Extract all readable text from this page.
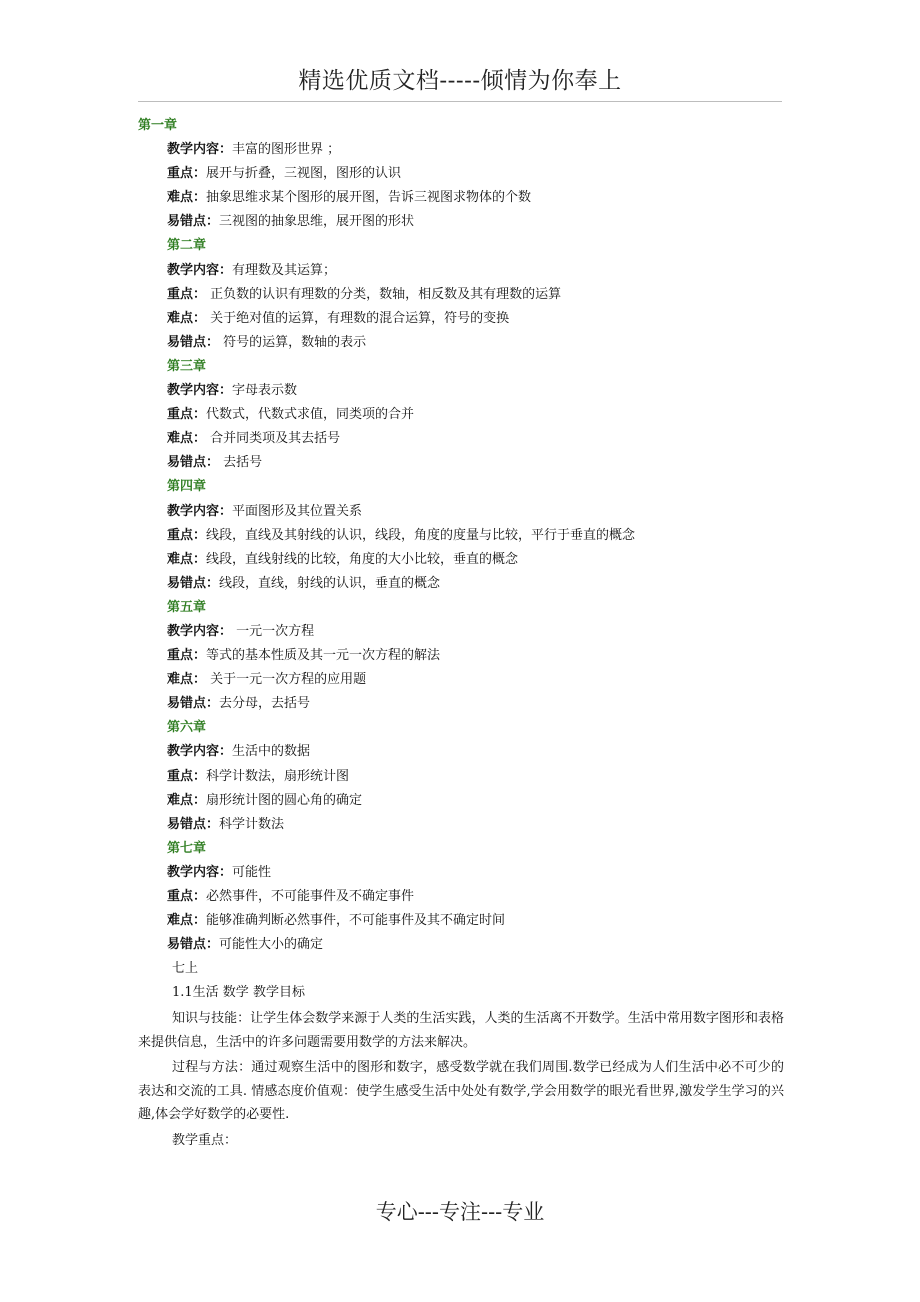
精选优质文档-----倾情为你奉上
第一章
教学内容：丰富的图形世界 ；
重点：展开与折叠，三视图，图形的认识
难点：抽象思维求某个图形的展开图，告诉三视图求物体的个数
易错点：三视图的抽象思维，展开图的形状
第二章
教学内容：有理数及其运算；
重点： 正负数的认识有理数的分类，数轴，相反数及其有理数的运算
难点： 关于绝对值的运算，有理数的混合运算，符号的变换
易错点： 符号的运算，数轴的表示
第三章
教学内容：字母表示数
重点：代数式，代数式求值，同类项的合并
难点： 合并同类项及其去括号
易错点： 去括号
第四章
教学内容：平面图形及其位置关系
重点：线段，直线及其射线的认识，线段，角度的度量与比较，平行于垂直的概念
难点：线段，直线射线的比较，角度的大小比较，垂直的概念
易错点：线段，直线，射线的认识，垂直的概念
第五章
教学内容： 一元一次方程
重点：等式的基本性质及其一元一次方程的解法
难点： 关于一元一次方程的应用题
易错点：去分母，去括号
第六章
教学内容：生活中的数据
重点：科学计数法，扇形统计图
难点：扇形统计图的圆心角的确定
易错点：科学计数法
第七章
教学内容：可能性
重点：必然事件，不可能事件及不确定事件
难点：能够准确判断必然事件，不可能事件及其不确定时间
易错点：可能性大小的确定
七上
1.1生活 数学 教学目标
知识与技能：让学生体会数学来源于人类的生活实践，人类的生活离不开数学。生活中常用数字图形和表格来提供信息，生活中的许多问题需要用数学的方法来解决。
过程与方法：通过观察生活中的图形和数字，感受数学就在我们周围.数学已经成为人们生活中必不可少的表达和交流的工具. 情感态度价值观：使学生感受生活中处处有数学,学会用数学的眼光看世界,激发学生学习的兴趣,体会学好数学的必要性.
教学重点：
专心---专注---专业
